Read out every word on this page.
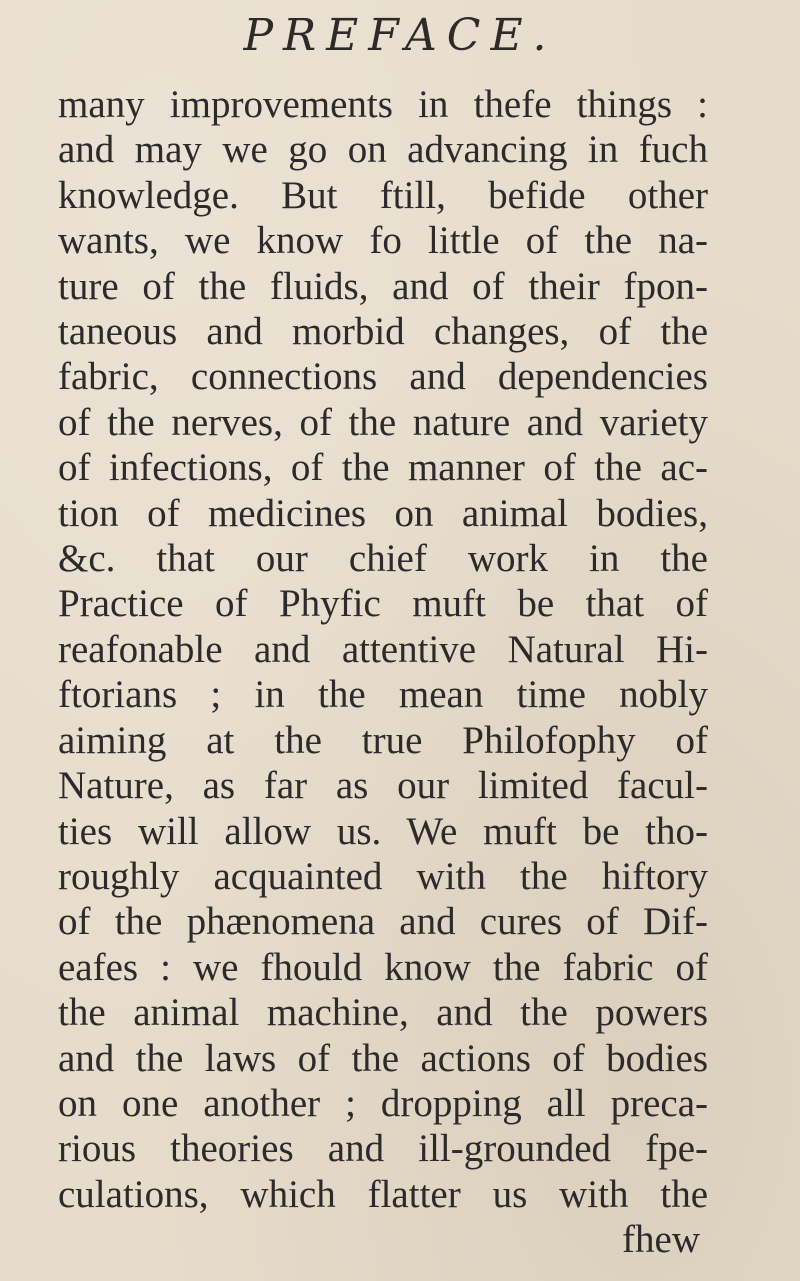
PREFACE.
many improvements in thefe things :
and may we go on advancing in fuch
knowledge. But ftill, befide other
wants, we know fo little of the na-
ture of the fluids, and of their fpon-
taneous and morbid changes, of the
fabric, connections and dependencies
of the nerves, of the nature and variety
of infections, of the manner of the ac-
tion of medicines on animal bodies,
&c. that our chief work in the
Practice of Phyfic muft be that of
reafonable and attentive Natural Hi-
ftorians ; in the mean time nobly
aiming at the true Philofophy of
Nature, as far as our limited facul-
ties will allow us. We muft be tho-
roughly acquainted with the hiftory
of the phænomena and cures of Dif-
eafes : we fhould know the fabric of
the animal machine, and the powers
and the laws of the actions of bodies
on one another ; dropping all preca-
rious theories and ill-grounded fpe-
culations, which flatter us with the
fhew
